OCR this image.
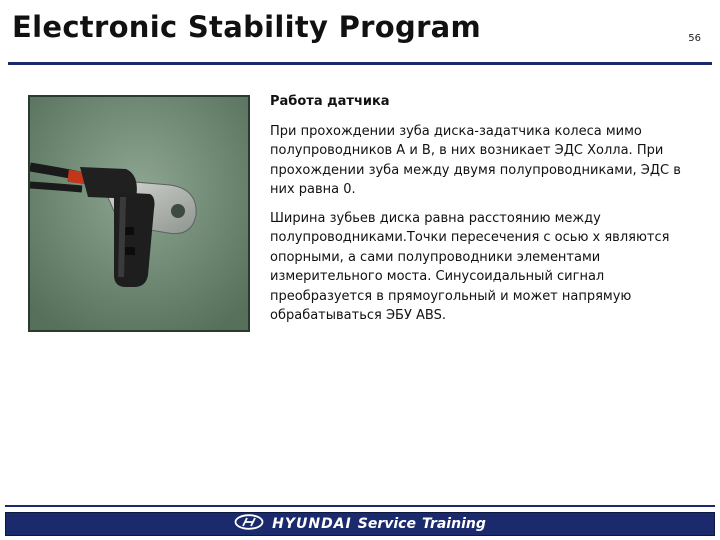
Electronic Stability Program	56
Работа датчика

При прохождении зуба диска-задатчика колеса мимо полупроводников А и В, в них возникает ЭДС Холла. При прохождении зуба между двумя полупроводниками, ЭДС в них равна 0.

Ширина зубьев диска равна расстоянию между полупроводниками.Точки пересечения с осью х являются опорными, а сами полупроводники элементами измерительного моста. Синусоидальный сигнал преобразуется в прямоугольный и может напрямую обрабатываться ЭБУ ABS.

HYUNDAI Service Training
